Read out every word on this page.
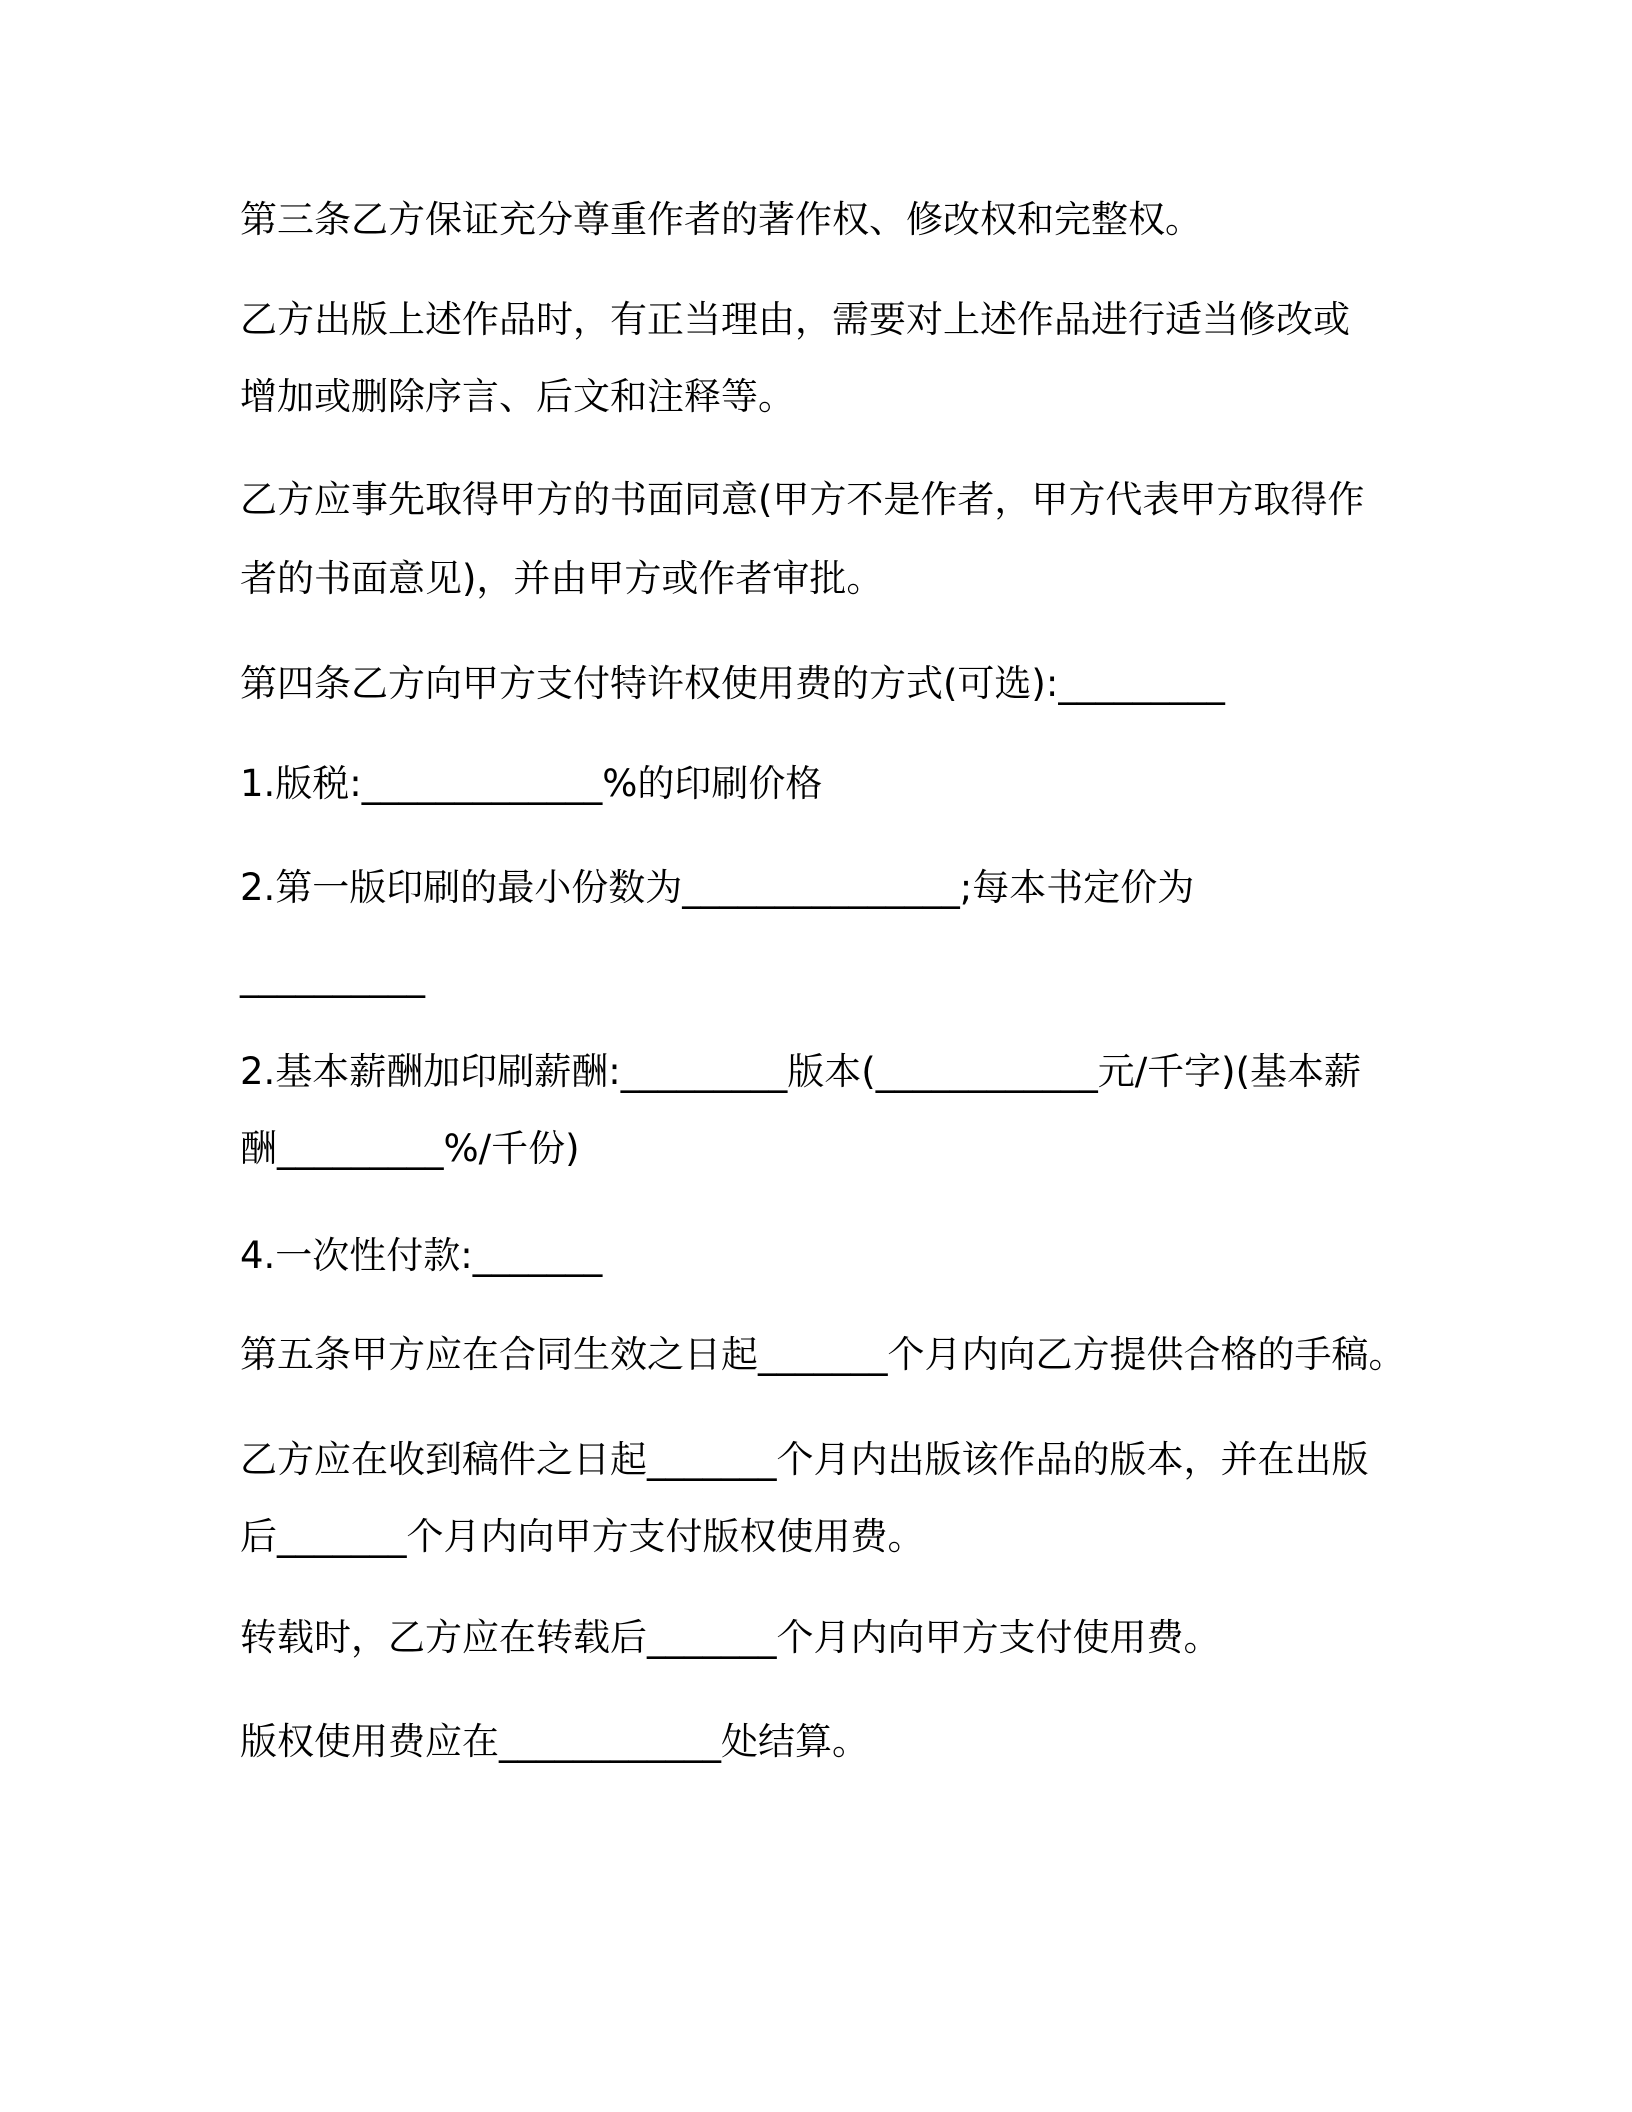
第三条乙方保证充分尊重作者的著作权、修改权和完整权。
乙方出版上述作品时，有正当理由，需要对上述作品进行适当修改或
增加或删除序言、后文和注释等。
乙方应事先取得甲方的书面同意(甲方不是作者，甲方代表甲方取得作
者的书面意见)，并由甲方或作者审批。
第四条乙方向甲方支付特许权使用费的方式(可选):_________
1.版税:_____________%的印刷价格
2.第一版印刷的最小份数为_______________;每本书定价为
__________
2.基本薪酬加印刷薪酬:_________版本(____________元/千字)(基本薪
酬_________%/千份)
4.一次性付款:_______
第五条甲方应在合同生效之日起_______个月内向乙方提供合格的手稿。
乙方应在收到稿件之日起_______个月内出版该作品的版本，并在出版
后_______个月内向甲方支付版权使用费。
转载时，乙方应在转载后_______个月内向甲方支付使用费。
版权使用费应在____________处结算。
